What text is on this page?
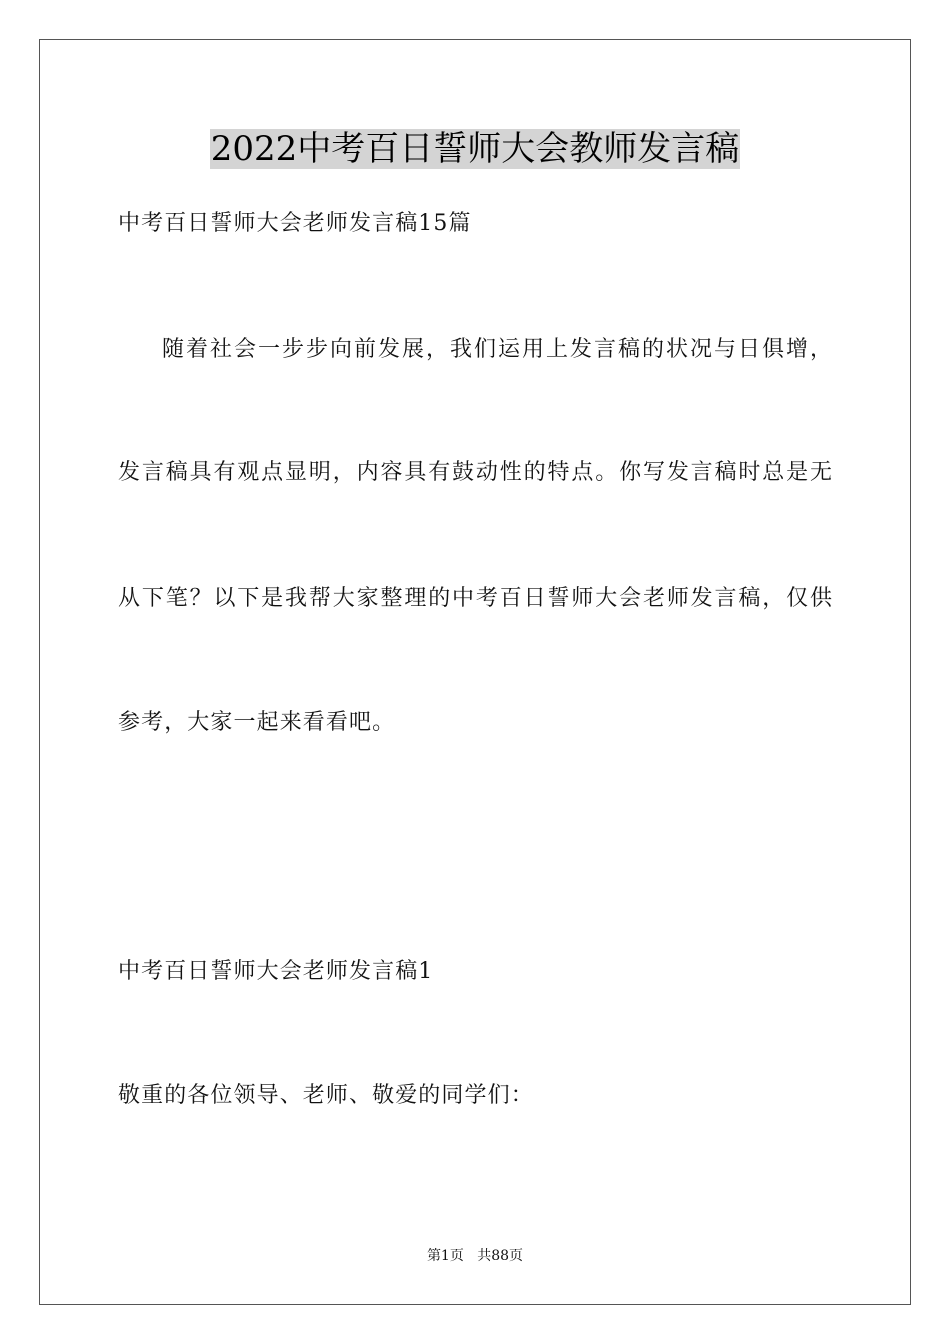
2022中考百日誓师大会教师发言稿
中考百日誓师大会老师发言稿15篇
随着社会一步步向前发展，我们运用上发言稿的状况与日俱增，
发言稿具有观点显明，内容具有鼓动性的特点。你写发言稿时总是无
从下笔？以下是我帮大家整理的中考百日誓师大会老师发言稿，仅供
参考，大家一起来看看吧。
中考百日誓师大会老师发言稿1
敬重的各位领导、老师、敬爱的同学们：
第1页 共88页
